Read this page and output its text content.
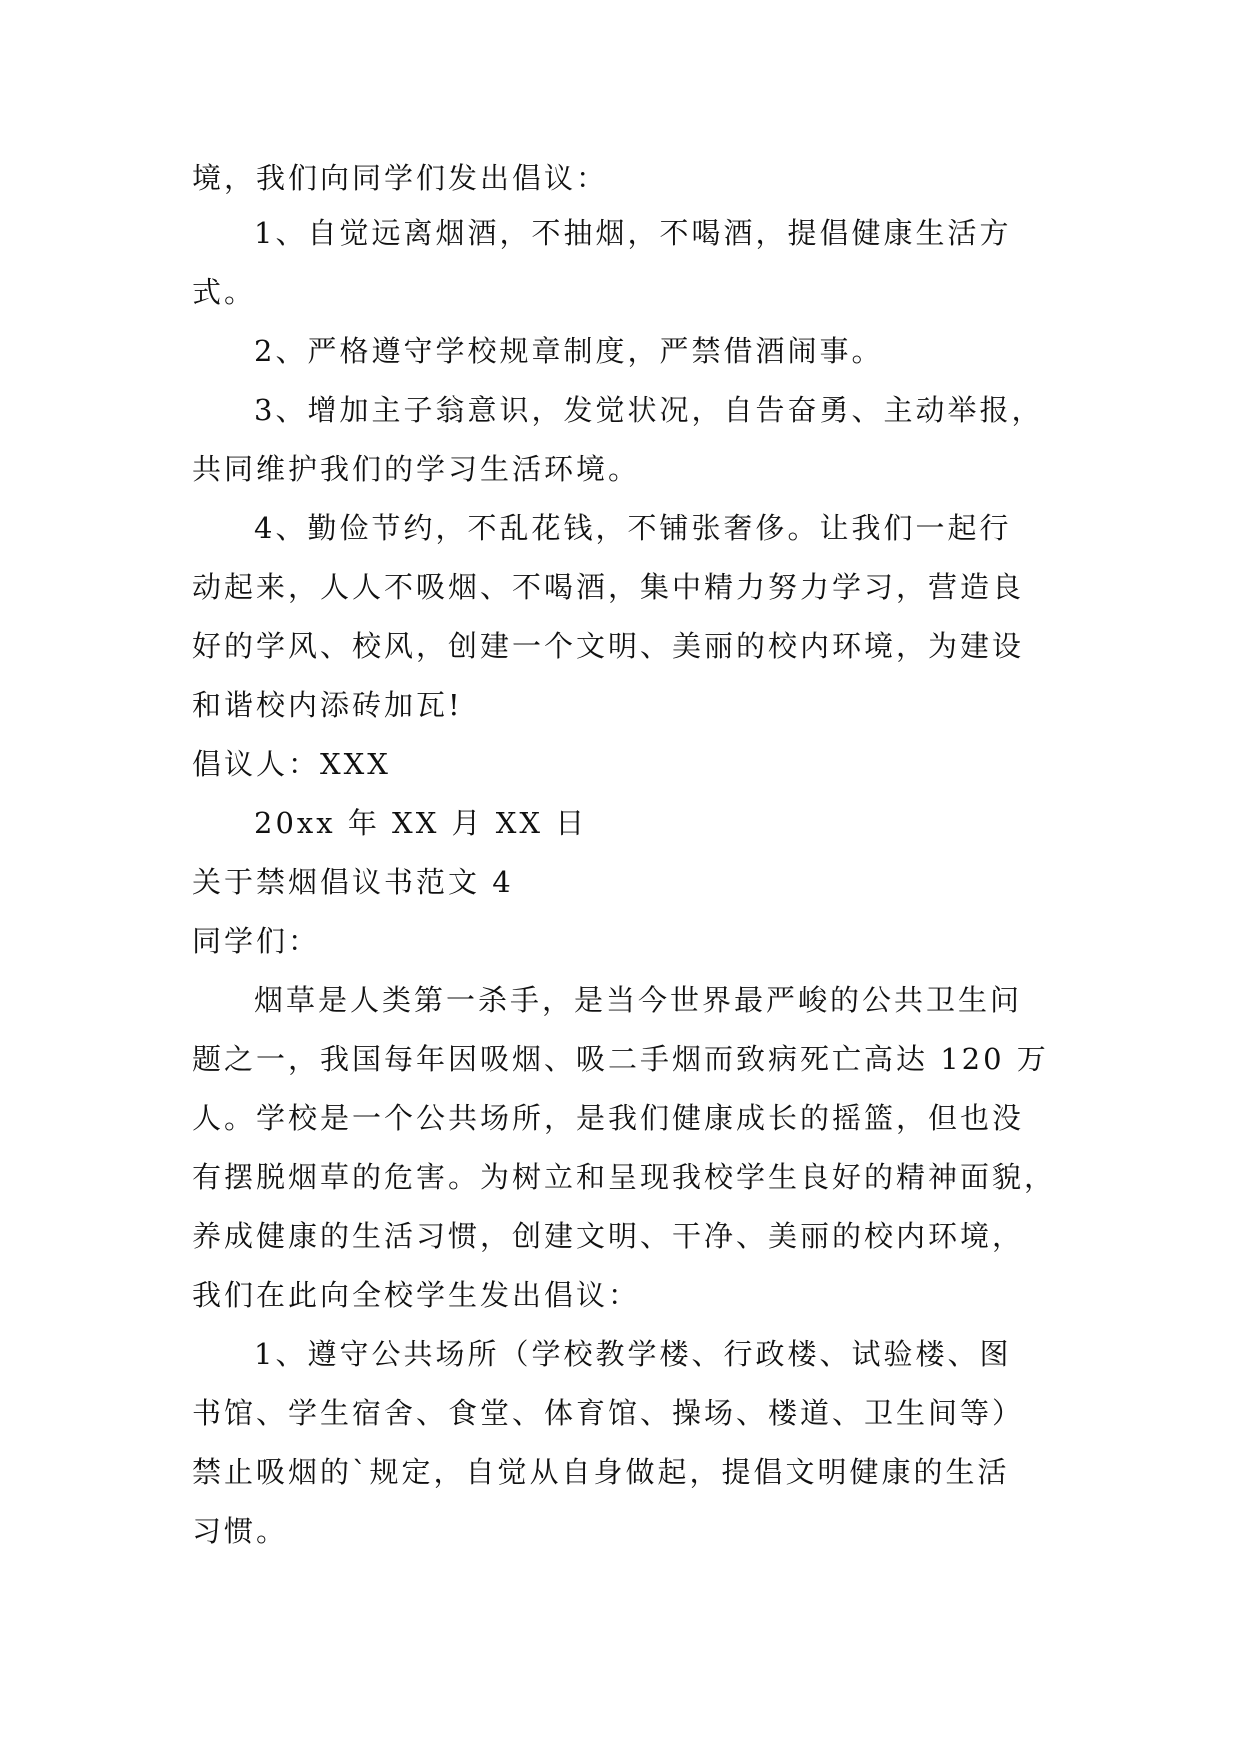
境，我们向同学们发出倡议：
1、自觉远离烟酒，不抽烟，不喝酒，提倡健康生活方
式。
2、严格遵守学校规章制度，严禁借酒闹事。
3、增加主子翁意识，发觉状况，自告奋勇、主动举报，
共同维护我们的学习生活环境。
4、勤俭节约，不乱花钱，不铺张奢侈。让我们一起行
动起来，人人不吸烟、不喝酒，集中精力努力学习，营造良
好的学风、校风，创建一个文明、美丽的校内环境，为建设
和谐校内添砖加瓦!
倡议人：XXX
20xx 年 XX 月 XX 日
关于禁烟倡议书范文 4
同学们：
烟草是人类第一杀手，是当今世界最严峻的公共卫生问
题之一，我国每年因吸烟、吸二手烟而致病死亡高达 120 万
人。学校是一个公共场所，是我们健康成长的摇篮，但也没
有摆脱烟草的危害。为树立和呈现我校学生良好的精神面貌，
养成健康的生活习惯，创建文明、干净、美丽的校内环境，
我们在此向全校学生发出倡议：
1、遵守公共场所（学校教学楼、行政楼、试验楼、图
书馆、学生宿舍、食堂、体育馆、操场、楼道、卫生间等）
禁止吸烟的`规定，自觉从自身做起，提倡文明健康的生活
习惯。
